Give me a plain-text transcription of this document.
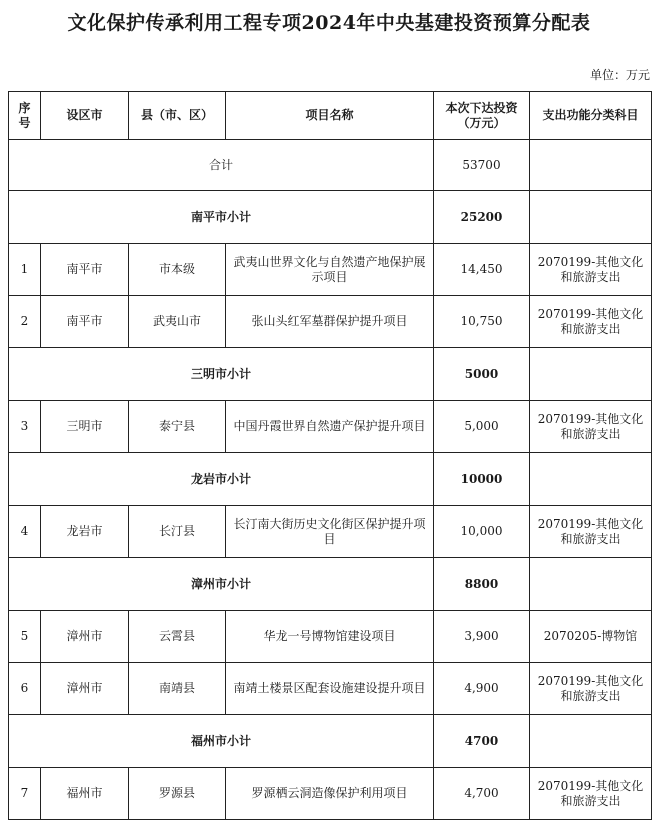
文化保护传承利用工程专项2024年中央基建投资预算分配表
单位：万元
序号	设区市	县（市、区）	项目名称	本次下达投资（万元）	支出功能分类科目
合计				53700	
南平市小计				25200	
1	南平市	市本级	武夷山世界文化与自然遗产地保护展示项目	14,450	2070199-其他文化和旅游支出
2	南平市	武夷山市	张山头红军墓群保护提升项目	10,750	2070199-其他文化和旅游支出
三明市小计				5000	
3	三明市	泰宁县	中国丹霞世界自然遗产保护提升项目	5,000	2070199-其他文化和旅游支出
龙岩市小计				10000	
4	龙岩市	长汀县	长汀南大街历史文化街区保护提升项目	10,000	2070199-其他文化和旅游支出
漳州市小计				8800	
5	漳州市	云霄县	华龙一号博物馆建设项目	3,900	2070205-博物馆
6	漳州市	南靖县	南靖土楼景区配套设施建设提升项目	4,900	2070199-其他文化和旅游支出
福州市小计				4700	
7	福州市	罗源县	罗源栖云洞造像保护利用项目	4,700	2070199-其他文化和旅游支出
